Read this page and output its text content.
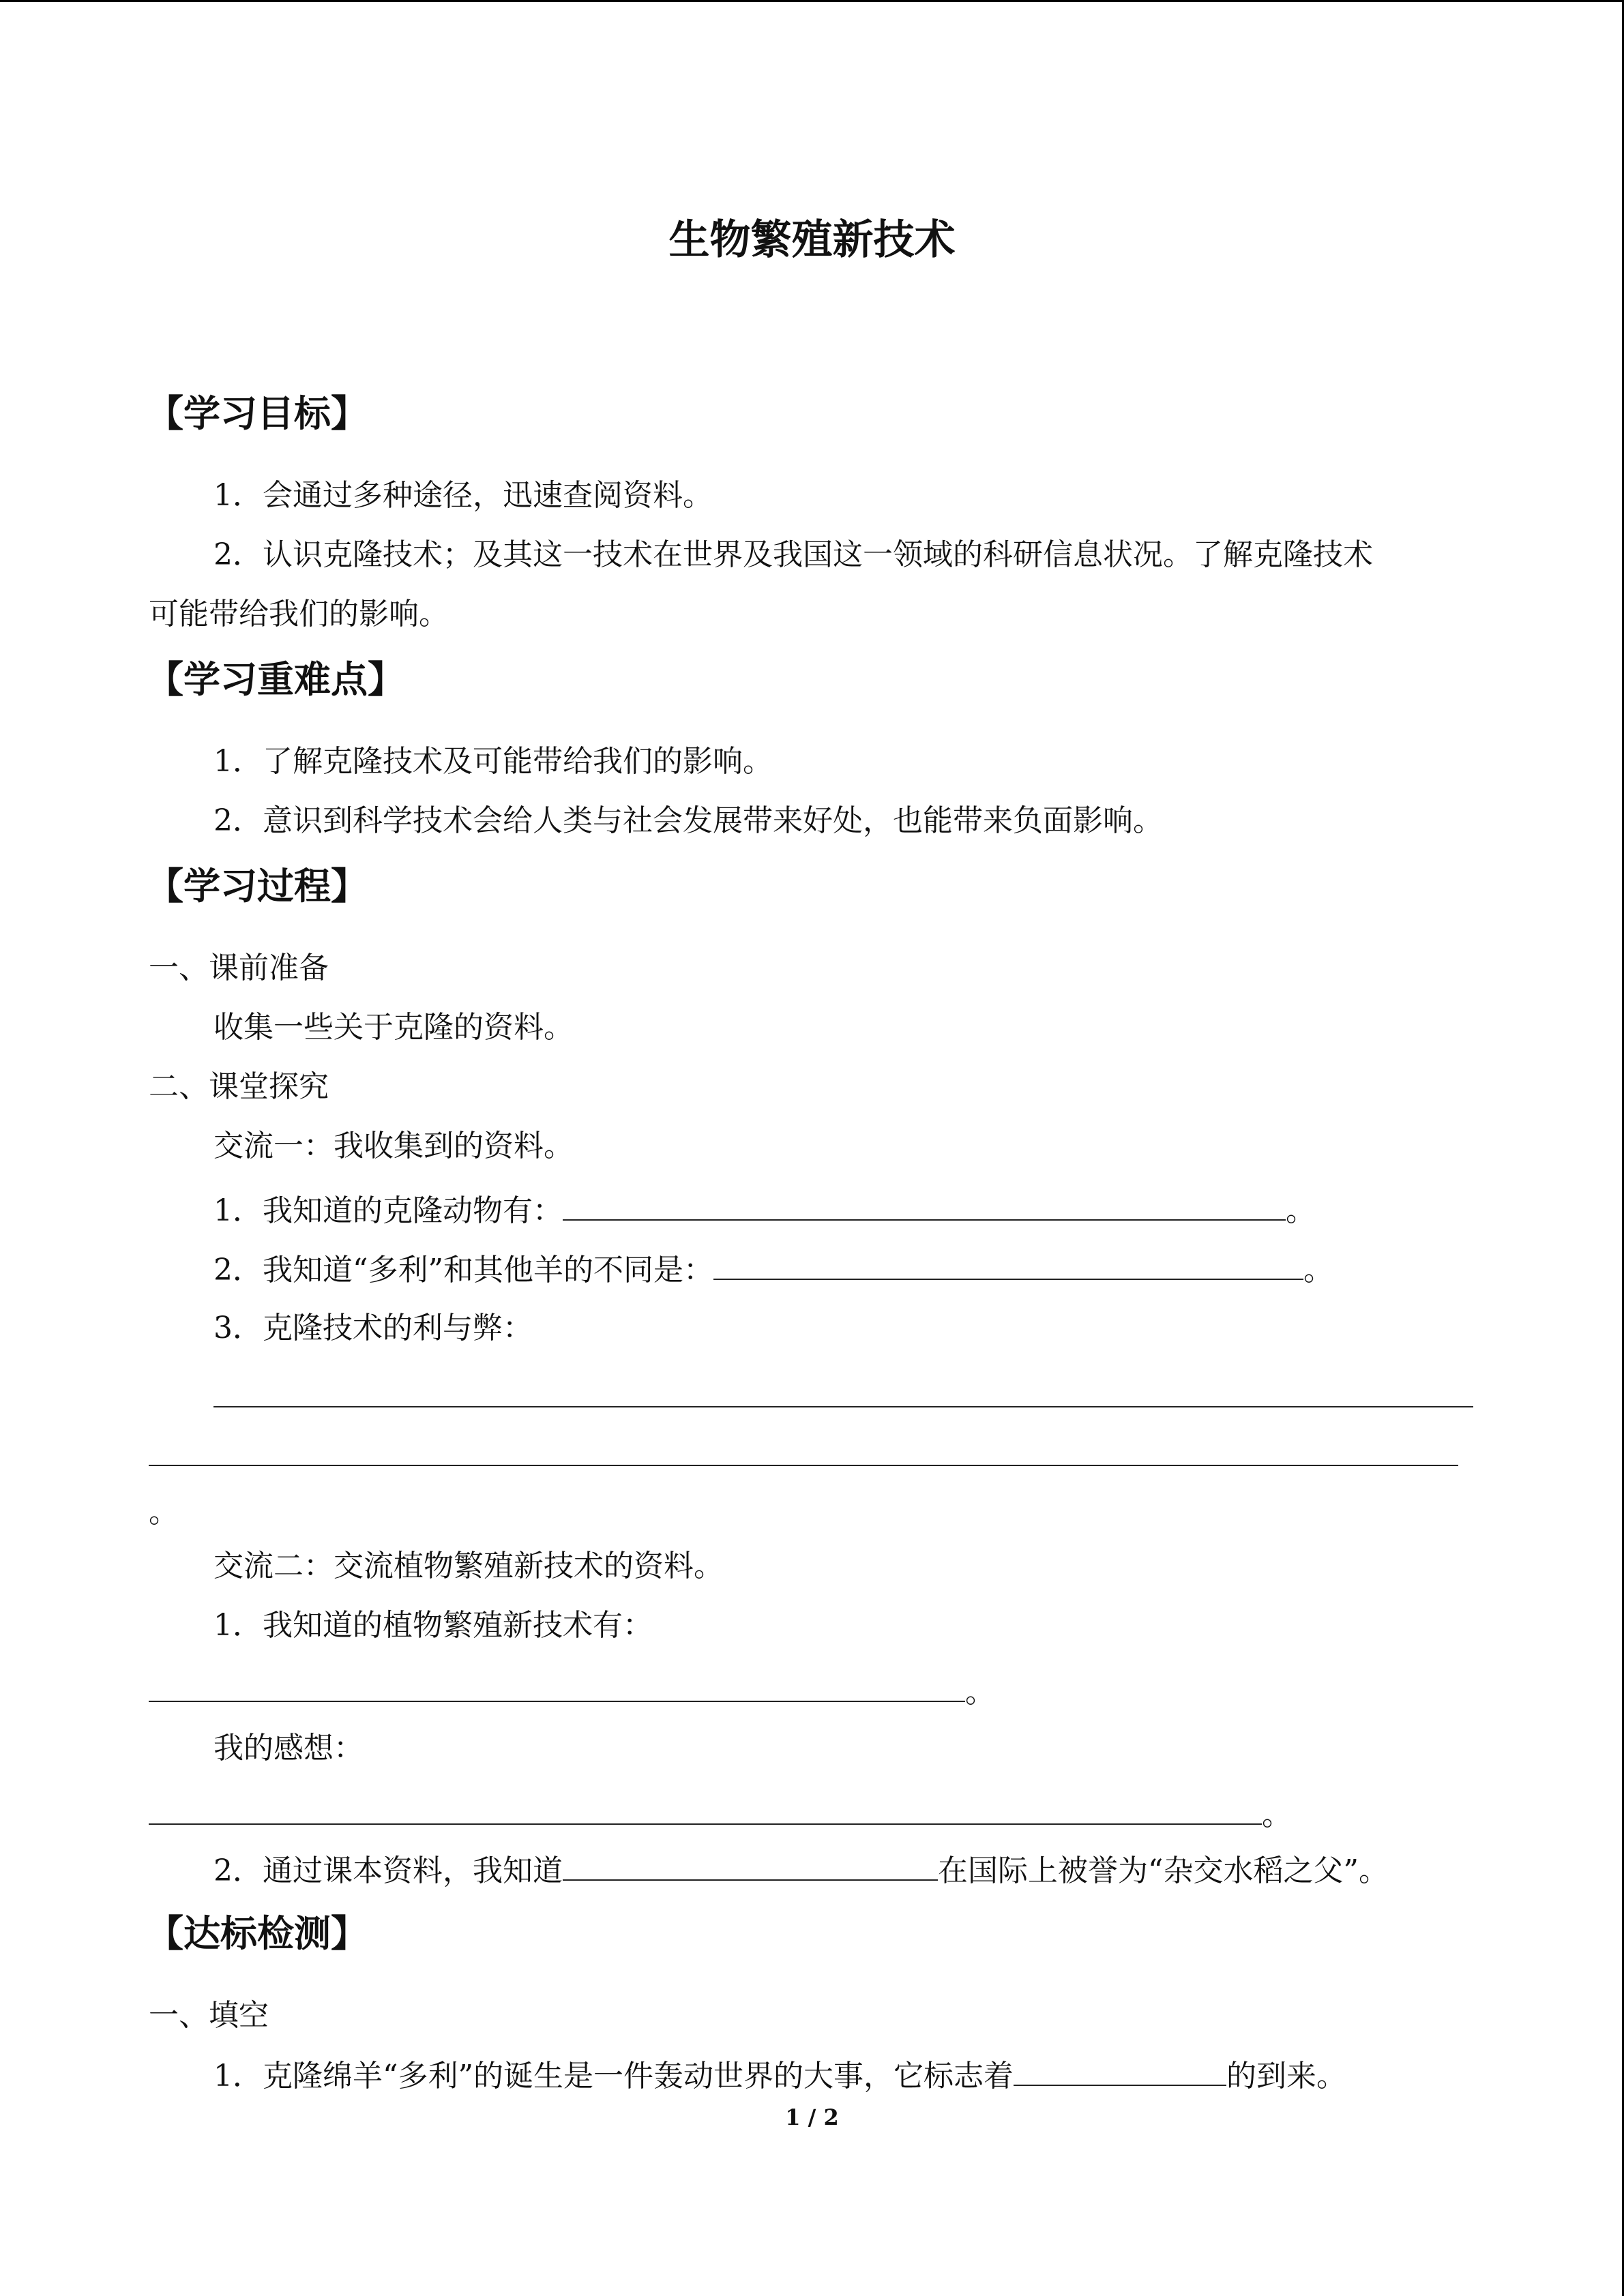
生物繁殖新技术
【学习目标】
1．会通过多种途径，迅速查阅资料。
2．认识克隆技术；及其这一技术在世界及我国这一领域的科研信息状况。了解克隆技术
可能带给我们的影响。
【学习重难点】
1．了解克隆技术及可能带给我们的影响。
2．意识到科学技术会给人类与社会发展带来好处，也能带来负面影响。
【学习过程】
一、课前准备
收集一些关于克隆的资料。
二、课堂探究
交流一：我收集到的资料。
1．我知道的克隆动物有：	。
2．我知道“多利”和其他羊的不同是：	。
3．克隆技术的利与弊：
。
交流二：交流植物繁殖新技术的资料。
1．我知道的植物繁殖新技术有：
。
我的感想：
。
2．通过课本资料，我知道	在国际上被誉为“杂交水稻之父”。
【达标检测】
一、填空
1．克隆绵羊“多利”的诞生是一件轰动世界的大事，它标志着	的到来。
1 / 2
